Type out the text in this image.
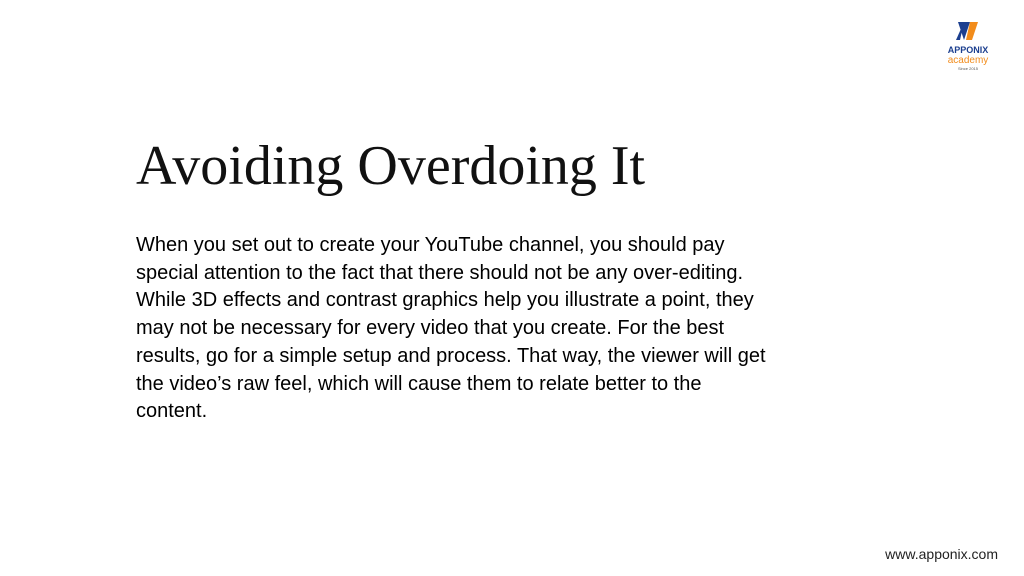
APPONIX
academy
Since 2015
Avoiding Overdoing It

When you set out to create your YouTube channel, you should pay
special attention to the fact that there should not be any over-editing.
While 3D effects and contrast graphics help you illustrate a point, they
may not be necessary for every video that you create. For the best
results, go for a simple setup and process. That way, the viewer will get
the video’s raw feel, which will cause them to relate better to the
content.

www.apponix.com
